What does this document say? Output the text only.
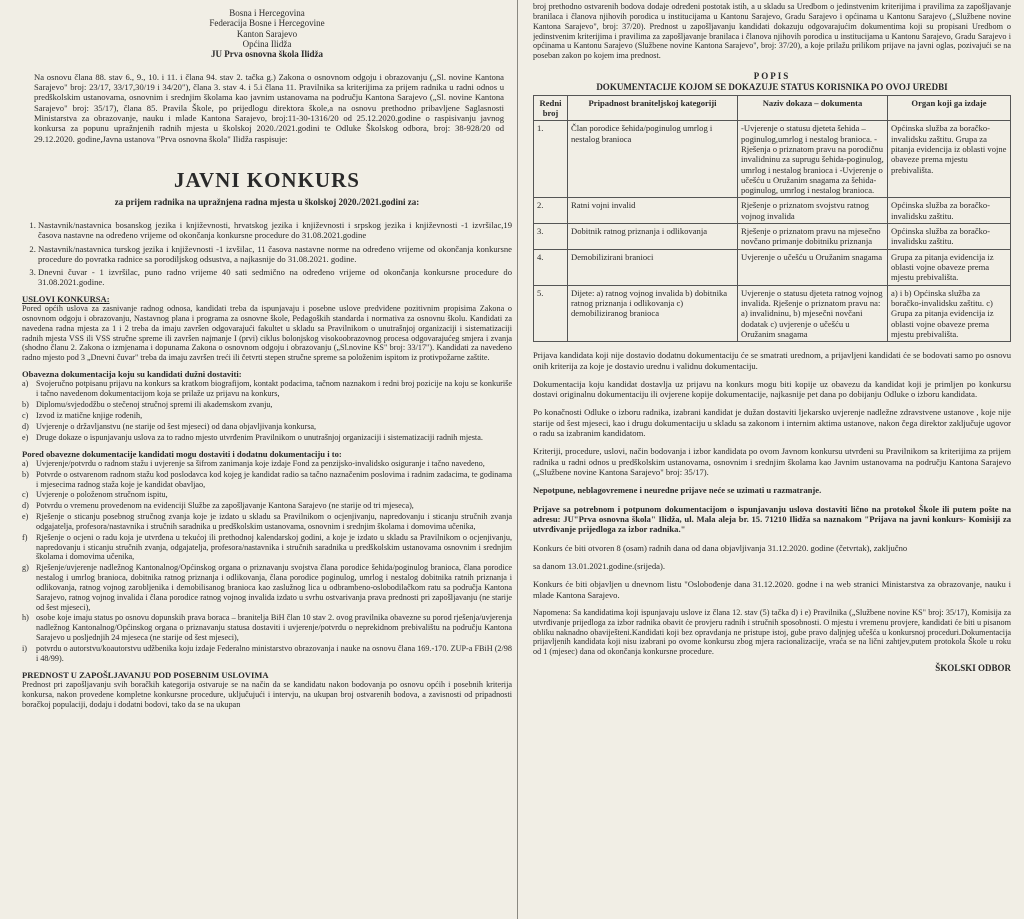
Bosna i Hercegovina
Federacija Bosne i Hercegovine
Kanton Sarajevo
Općina Ilidža
JU Prva osnovna škola Ilidža
Na osnovu člana 88. stav 6., 9., 10. i 11. i člana 94. stav 2. tačka g.) Zakona o osnovnom odgoju i obrazovanju („Sl. novine Kantona Sarajevo" broj: 23/17, 33/17,30/19 i 34/20"), člana 3. stav 4. i 5.i člana 11. Pravilnika sa kriterijima za prijem radnika u radni odnos u predškolskim ustanovama, osnovnim i srednjim školama kao javnim ustanovama na području Kantona Sarajevo („Sl. novine Kantona Sarajevo" broj: 35/17), člana 85. Pravila Škole, po prijedlogu direktora škole,a na osnovu prethodno pribavljene Saglasnosti Ministarstva za obrazovanje, nauku i mlade Kantona Sarajevo, broj:11-30-1316/20 od 25.12.2020.godine o raspisivanju javnog konkursa za popunu upražnjenih radnih mjesta u školskoj 2020./2021.godini te Odluke Školskog odbora, broj: 38-928/20 od 29.12.2020. godine,Javna ustanova "Prva osnovna škola" Ilidža raspisuje:
JAVNI KONKURS
za prijem radnika na upražnjena radna mjesta u školskoj 2020./2021.godini za:
1. Nastavnik/nastavnica bosanskog jezika i književnosti, hrvatskog jezika i književnosti i srpskog jezika i književnosti -1 izvršilac,19 časova nastavne na određeno vrijeme od okončanja konkursne procedure do 31.08.2021.godine
2. Nastavnik/nastavnica turskog jezika i književnosti -1 izvšilac, 11 časova nastavne norme na određeno vrijeme od okončanja konkursne procedure do povratka radnice sa porodiljskog odsustva, a najkasnije do 31.08.2021. godine.
3. Dnevni čuvar - 1 izvršilac, puno radno vrijeme 40 sati sedmično na određeno vrijeme od okončanja konkursne procedure do 31.08.2021.godine.
USLOVI KONKURSA:
Pored općih uslova za zasnivanje radnog odnosa, kandidati treba da ispunjavaju i posebne uslove predviđene pozitivnim propisima Zakona o osnovnom odgoju i obrazovanju, Nastavnog plana i programa za osnovne škole, Pedagoških standarda i normativa za osnovnu školu. Kandidati za navedena radna mjesta za 1 i 2 treba da imaju završen odgovarajući fakultet u skladu sa Pravilnikom o unutrašnjoj organizaciji i sistematizaciji radnih mjesta VSS ili VSS stručne spreme ili završen najmanje I (prvi) ciklus bolonjskog visokoobrazovnog procesa odgovarajućeg smjera i zvanja (shodno članu 2. Zakona o izmjenama i dopunama Zakona o osnovnom odgoju i obrazovanju („Sl.novine KS" broj: 33/17"). Kandidati za navedeno radno mjesto pod 3 „Dnevni čuvar" treba da imaju završen treći ili četvrti stepen stručne spreme sa položenim ispitom iz protivpožarne zaštite.
Obavezna dokumentacija koju su kandidati dužni dostaviti:
a) Svojeručno potpisanu prijavu na konkurs sa kratkom biografijom, kontakt podacima, tačnom naznakom i redni broj pozicije na koju se konkuriše i tačno navedenom dokumentacijom koja se prilaže uz prijavu na konkurs,
b) Diplomu/svjedodžbu o stečenoj stručnoj spremi ili akademskom zvanju,
c) Izvod iz matične knjige rođenih,
d) Uvjerenje o državljanstvu (ne starije od šest mjeseci) od dana objavljivanja konkursa,
e) Druge dokaze o ispunjavanju uslova za to radno mjesto utvrđenim Pravilnikom o unutrašnjoj organizaciji i sistematizaciji radnih mjesta.
Pored obavezne dokumentacije kandidati mogu dostaviti i dodatnu dokumentaciju i to:
a) Uvjerenje/potvrdu o radnom stažu i uvjerenje sa šifrom zanimanja koje izdaje Fond za penzijsko-invalidsko osiguranje i tačno navedeno,
b) Potvrde o ostvarenom radnom stažu kod poslodavca kod kojeg je kandidat radio sa tačno naznačenim poslovima i radnim zadacima, te godinama i mjesecima radnog staža koje je kandidat obavljao,
c) Uvjerenje o položenom stručnom ispitu,
d) Potvrdu o vremenu provedenom na evidenciji Službe za zapošljavanje Kantona Sarajevo (ne starije od tri mjeseca),
e) Rješenje o sticanju posebnog stručnog zvanja koje je izdato u skladu sa Pravilnikom o ocjenjivanju, napredovanju i sticanju stručnih zvanja odgajatelja, profesora/nastavnika i stručnih saradnika u predškolskim ustanovama, osnovnim i srednjim školama i domovima učenika,
f)	Rješenje o ocjeni o radu koja je utvrđena u tekućoj ili prethodnoj kalendarskoj godini, a koje je izdato u skladu sa Pravilnikom o ocjenjivanju, napredovanju i sticanju stručnih zvanja, odgajatelja, profesora/nastavnika i stručnih saradnika u predškolskim ustanovama osnovnim i srednjim školama i domovima učenika,
g) Rješenje/uvjerenje nadležnog Kantonalnog/Općinskog organa o priznavanju svojstva člana porodice šehida/poginulog branioca, člana porodice nestalog i umrlog branioca, dobitnika ratnog priznanja i odlikovanja, člana porodice poginulog, umrlog i nestalog dobitnika ratnih priznanja i odlikovanja, ratnog vojnog zarobljenika i demobilisanog branioca kao zaslužnog lica u odbrambeno-oslobodilačkom ratu sa područja Kantona Sarajevo, ratnog vojnog invalida i člana porodice ratnog vojnog invalida izdato u svrhu ostvarivanja prava prednosti pri zapošljavanju (ne starije od šest mjeseci),
h) osobe koje imaju status po osnovu dopunskih prava boraca – branitelja BiH član 10 stav 2. ovog pravilnika obavezne su porod rješenja/uvjerenja nadležnog Kantonalnog/Općinskog organa o priznavanju statusa dostaviti i uvjerenje/potvrdu o neprekidnom prebivalištu na području Kantona Sarajevo u posljednjih 24 mjeseca (ne starije od šest mjeseci),
i)	potvrdu o autorstvu/koautorstvu udžbenika koju izdaje Federalno ministarstvo obrazovanja i nauke na osnovu člana 169.-170. ZUP-a FBiH (2/98 i 48/99).
PREDNOST U ZAPOŠLJAVANJU POD POSEBNIM USLOVIMA
Prednost pri zapošljavanju svih boračkih kategorija ostvaruje se na način da se kandidatu nakon bodovanja po osnovu općih i posebnih kriterija konkursa, nakon provedene kompletne konkursne procedure, uključujući i intervju, na ukupan broj ostvarenih bodova, a zavisnosti od pripadnosti boračkoj populaciji, dodaju i dodatni bodovi, tako da se na ukupan
broj prethodno ostvarenih bodova dodaje određeni postotak istih, a u skladu sa Uredbom o jedinstvenim kriterijima i pravilima za zapošljavanje branilaca i članova njihovih porodica u institucijama u Kantonu Sarajevo, Gradu Sarajevo i općinama u Kantonu Sarajevo („Službene novine Kantona Sarajevo", broj: 37/20). Prednost u zapošljavanju kandidati dokazuju odgovarajućim dokumentima koji su propisani Uredbom o jedinstvenim kriterijima i pravilima za zapošljavanje branilaca i članova njihovih porodica u institucijama u Kantonu Sarajevo, Gradu Sarajevo i općinama u Kantonu Sarajevo (Službene novine Kantona Sarajevo", broj: 37/20), a koje prilažu prilikom prijave na javni oglas, pozivajući se na poseban zakon po kojem ima prednost.
POPIS
DOKUMENTACIJE KOJOM SE DOKAZUJE STATUS KORISNIKA PO OVOJ UREDBI
Redni broj	Pripadnost braniteljskoj kategoriji	Naziv dokaza – dokumenta	Organ koji ga izdaje
1.	Član porodice šehida/poginulog umrlog i nestalog branioca	-Uvjerenje o statusu djeteta šehida – poginulog,umrlog i nestalog branioca. -Rješenja o priznatom pravu na porodičnu invalidninu za suprugu šehida-poginulog, umrlog i nestalog branioca i -Uvjerenje o učešću u Oružanim snagama za šehida-poginulog, umrlog i nestalog branioca.	Općinska služba za boračko-invalidsku zaštitu. Grupa za pitanja evidencija iz oblasti vojne obaveze prema mjestu prebivališta.
2.	Ratni vojni invalid	Rješenje o priznatom svojstvu ratnog vojnog invalida	Općinska služba za boračko-invalidsku zaštitu.
3.	Dobitnik ratnog priznanja i odlikovanja	Rješenje o priznatom pravu na mjesečno novčano primanje dobitniku priznanja	Općinska služba za boračko-invalidsku zaštitu.
4.	Demobilizirani branioci	Uvjerenje o učešću u Oružanim snagama	Grupa za pitanja evidencija iz oblasti vojne obaveze prema mjestu prebivališta.
5.	Dijete: a) ratnog vojnog invalida b) dobitnika ratnog priznanja i odlikovanja c) demobiliziranog branioca	Uvjerenje o statusu djeteta ratnog vojnog invalida. Rješenje o priznatom pravu na: a) invalidninu, b) mjesečni novčani dodatak c) uvjerenje o učešću u Oružanim snagama	a) i b) Općinska služba za boračko-invalidsku zaštitu. c) Grupa za pitanja evidencija iz oblasti vojne obaveze prema mjestu prebivališta.
Prijava kandidata koji nije dostavio dodatnu dokumentaciju će se smatrati urednom, a prijavljeni kandidati će se bodovati samo po osnovu onih kriterija za koje je dostavio urednu i validnu dokumentaciju.
Dokumentacija koju kandidat dostavlja uz prijavu na konkurs mogu biti kopije uz obavezu da kandidat koji je primljen po konkursu dostavi originalnu dokumentaciju ili ovjerene kopije dokumentacije, najkasnije pet dana po dobijanju Odluke o izboru kandidata.
Po konačnosti Odluke o izboru radnika, izabrani kandidat je dužan dostaviti ljekarsko uvjerenje nadležne zdravstvene ustanove , koje nije starije od šest mjeseci, kao i drugu dokumentaciju u skladu sa zakonom i internim aktima ustanove, nakon čega direktor zaključuje ugovor o radu sa izabranim kandidatom.
Kriteriji, procedure, uslovi, način bodovanja i izbor kandidata po ovom Javnom konkursu utvrđeni su Pravilnikom sa kriterijima za prijem radnika u radni odnos u predškolskim ustanovama, osnovnim i srednjim školama kao Javnim ustanovama na području Kantona Sarajevo („Službene novine Kantona Sarajevo" broj: 35/17).
Nepotpune, neblagovremene i neuredne prijave neće se uzimati u razmatranje.
Prijave sa potrebnom i potpunom dokumentacijom o ispunjavanju uslova dostaviti lično na protokol Škole ili putem pošte na adresu: JU"Prva osnovna škola" Ilidža, ul. Mala aleja br. 15. 71210 Ilidža sa naznakom "Prijava na javni konkurs- Komisiji za utvrđivanje prijedloga za izbor radnika."
Konkurs će biti otvoren 8 (osam) radnih dana od dana objavljivanja 31.12.2020. godine (četvrtak), zaključno
sa danom 13.01.2021.godine.(srijeda).
Konkurs će biti objavljen u dnevnom listu "Oslobođenje dana 31.12.2020. godne i na web stranici Ministarstva za obrazovanje, nauku i mlade Kantona Sarajevo.
Napomena: Sa kandidatima koji ispunjavaju uslove iz člana 12. stav (5) tačka d) i e) Pravilnika („Službene novine KS" broj: 35/17), Komisija za utvrđivanje prijedloga za izbor radnika obavit će provjeru radnih i stručnih sposobnosti. O mjestu i vremenu provjere, kandidati će biti u pisanom obliku naknadno obaviješteni.Kandidati koji bez opravdanja ne pristupe istoj, gube pravo daljnjeg učešća u konkursnoj proceduri.Dokumentacija prijavljenih kandidata koji nisu izabrani po ovome konkursu zbog mjera racionalizacije, vraća se na lični zahtjev,putem protokola Škole u roku od 1 (mjesec) dana od okončanja konkursne procedure.
ŠKOLSKI ODBOR
